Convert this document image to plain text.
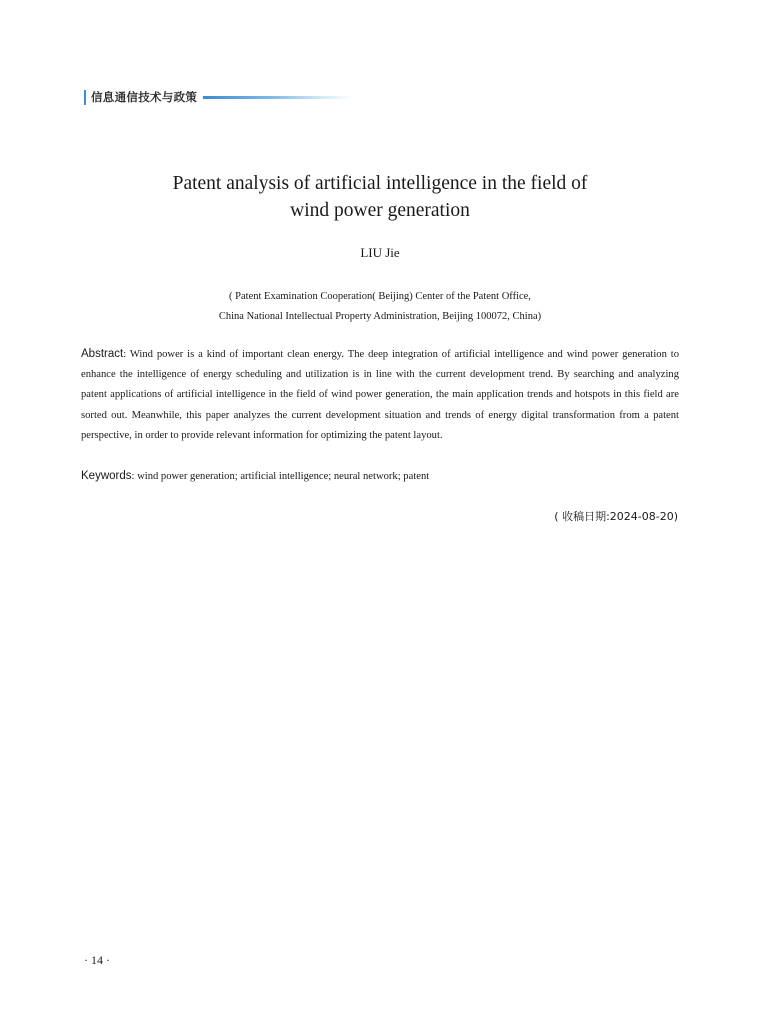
信息通信技术与政策
Patent analysis of artificial intelligence in the field of
wind power generation
LIU Jie
( Patent Examination Cooperation( Beijing) Center of the Patent Office,
China National Intellectual Property Administration, Beijing 100072, China)
Abstract: Wind power is a kind of important clean energy. The deep integration of artificial intelligence and wind power generation to enhance the intelligence of energy scheduling and utilization is in line with the current development trend. By searching and analyzing patent applications of artificial intelligence in the field of wind power generation, the main application trends and hotspots in this field are sorted out. Meanwhile, this paper analyzes the current development situation and trends of energy digital transformation from a patent perspective, in order to provide relevant information for optimizing the patent layout.
Keywords: wind power generation; artificial intelligence; neural network; patent
( 收稿日期:2024-08-20)
· 14 ·
